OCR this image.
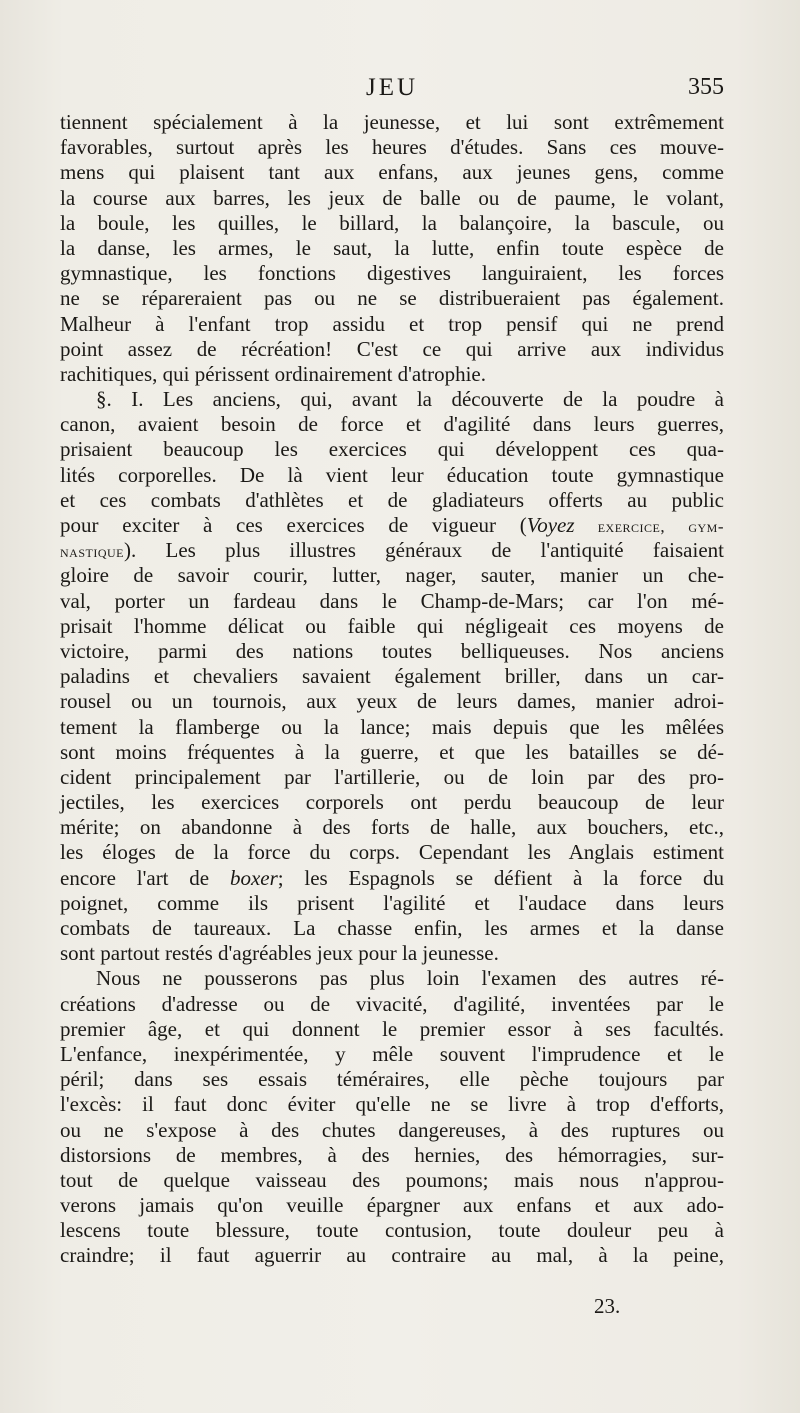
JEU	355
tiennent spécialement à la jeunesse, et lui sont extrêmement
favorables, surtout après les heures d'études. Sans ces mouve-
mens qui plaisent tant aux enfans, aux jeunes gens, comme
la course aux barres, les jeux de balle ou de paume, le volant,
la boule, les quilles, le billard, la balançoire, la bascule, ou
la danse, les armes, le saut, la lutte, enfin toute espèce de
gymnastique, les fonctions digestives languiraient, les forces
ne se répareraient pas ou ne se distribueraient pas également.
Malheur à l'enfant trop assidu et trop pensif qui ne prend
point assez de récréation! C'est ce qui arrive aux individus
rachitiques, qui périssent ordinairement d'atrophie.
§. I. Les anciens, qui, avant la découverte de la poudre à
canon, avaient besoin de force et d'agilité dans leurs guerres,
prisaient beaucoup les exercices qui développent ces qua-
lités corporelles. De là vient leur éducation toute gymnastique
et ces combats d'athlètes et de gladiateurs offerts au public
pour exciter à ces exercices de vigueur (Voyez exercice, gym-
nastique). Les plus illustres généraux de l'antiquité faisaient
gloire de savoir courir, lutter, nager, sauter, manier un che-
val, porter un fardeau dans le Champ-de-Mars; car l'on mé-
prisait l'homme délicat ou faible qui négligeait ces moyens de
victoire, parmi des nations toutes belliqueuses. Nos anciens
paladins et chevaliers savaient également briller, dans un car-
rousel ou un tournois, aux yeux de leurs dames, manier adroi-
tement la flamberge ou la lance; mais depuis que les mêlées
sont moins fréquentes à la guerre, et que les batailles se dé-
cident principalement par l'artillerie, ou de loin par des pro-
jectiles, les exercices corporels ont perdu beaucoup de leur
mérite; on abandonne à des forts de halle, aux bouchers, etc.,
les éloges de la force du corps. Cependant les Anglais estiment
encore l'art de boxer; les Espagnols se défient à la force du
poignet, comme ils prisent l'agilité et l'audace dans leurs
combats de taureaux. La chasse enfin, les armes et la danse
sont partout restés d'agréables jeux pour la jeunesse.
Nous ne pousserons pas plus loin l'examen des autres ré-
créations d'adresse ou de vivacité, d'agilité, inventées par le
premier âge, et qui donnent le premier essor à ses facultés.
L'enfance, inexpérimentée, y mêle souvent l'imprudence et le
péril; dans ses essais téméraires, elle pèche toujours par
l'excès: il faut donc éviter qu'elle ne se livre à trop d'efforts,
ou ne s'expose à des chutes dangereuses, à des ruptures ou
distorsions de membres, à des hernies, des hémorragies, sur-
tout de quelque vaisseau des poumons; mais nous n'approu-
verons jamais qu'on veuille épargner aux enfans et aux ado-
lescens toute blessure, toute contusion, toute douleur peu à
craindre; il faut aguerrir au contraire au mal, à la peine,
23.
